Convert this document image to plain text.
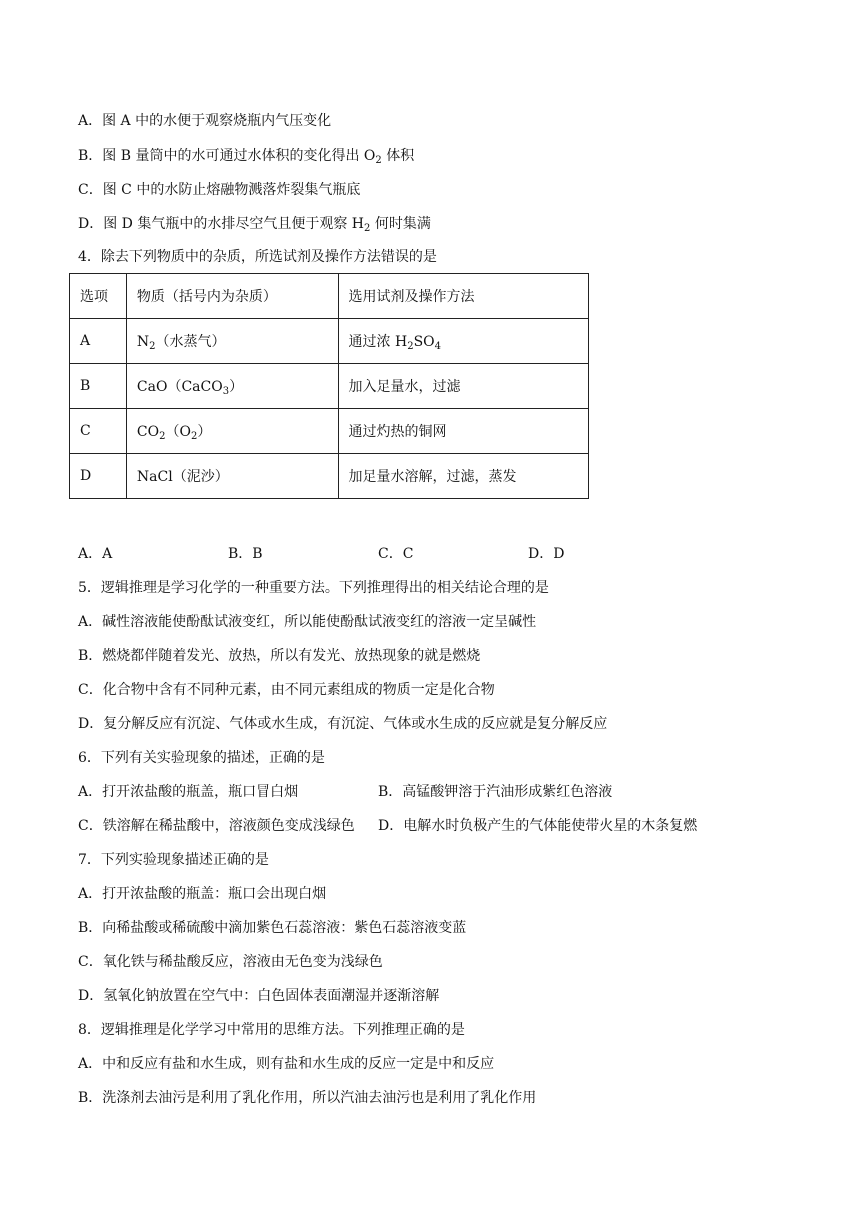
A．图 A 中的水便于观察烧瓶内气压变化
B．图 B 量筒中的水可通过水体积的变化得出 $O_2$ 体积
C．图 C 中的水防止熔融物溅落炸裂集气瓶底
D．图 D 集气瓶中的水排尽空气且便于观察 $H_2$ 何时集满
4．除去下列物质中的杂质，所选试剂及操作方法错误的是
选项	物质（括号内为杂质）	选用试剂及操作方法
A	$N_2$（水蒸气）	通过浓 $H_2SO_4$
B	CaO（CaCO$_3$）	加入足量水，过滤
C	$CO_2(O_2)$	通过灼热的铜网
D	NaCl（泥沙）	加足量水溶解，过滤，蒸发
A．A	B．B	C．C	D．D
5．逻辑推理是学习化学的一种重要方法。下列推理得出的相关结论合理的是
A．碱性溶液能使酚酞试液变红，所以能使酚酞试液变红的溶液一定呈碱性
B．燃烧都伴随着发光、放热，所以有发光、放热现象的就是燃烧
C．化合物中含有不同种元素，由不同元素组成的物质一定是化合物
D．复分解反应有沉淀、气体或水生成，有沉淀、气体或水生成的反应就是复分解反应
6．下列有关实验现象的描述，正确的是
A．打开浓盐酸的瓶盖，瓶口冒白烟	B．高锰酸钾溶于汽油形成紫红色溶液
C．铁溶解在稀盐酸中，溶液颜色变成浅绿色 D．电解水时负极产生的气体能使带火星的木条复燃
7．下列实验现象描述正确的是
A．打开浓盐酸的瓶盖：瓶口会出现白烟
B．向稀盐酸或稀硫酸中滴加紫色石蕊溶液：紫色石蕊溶液变蓝
C．氧化铁与稀盐酸反应，溶液由无色变为浅绿色
D．氢氧化钠放置在空气中：白色固体表面潮湿并逐渐溶解
8．逻辑推理是化学学习中常用的思维方法。下列推理正确的是
A．中和反应有盐和水生成，则有盐和水生成的反应一定是中和反应
B．洗涤剂去油污是利用了乳化作用，所以汽油去油污也是利用了乳化作用
